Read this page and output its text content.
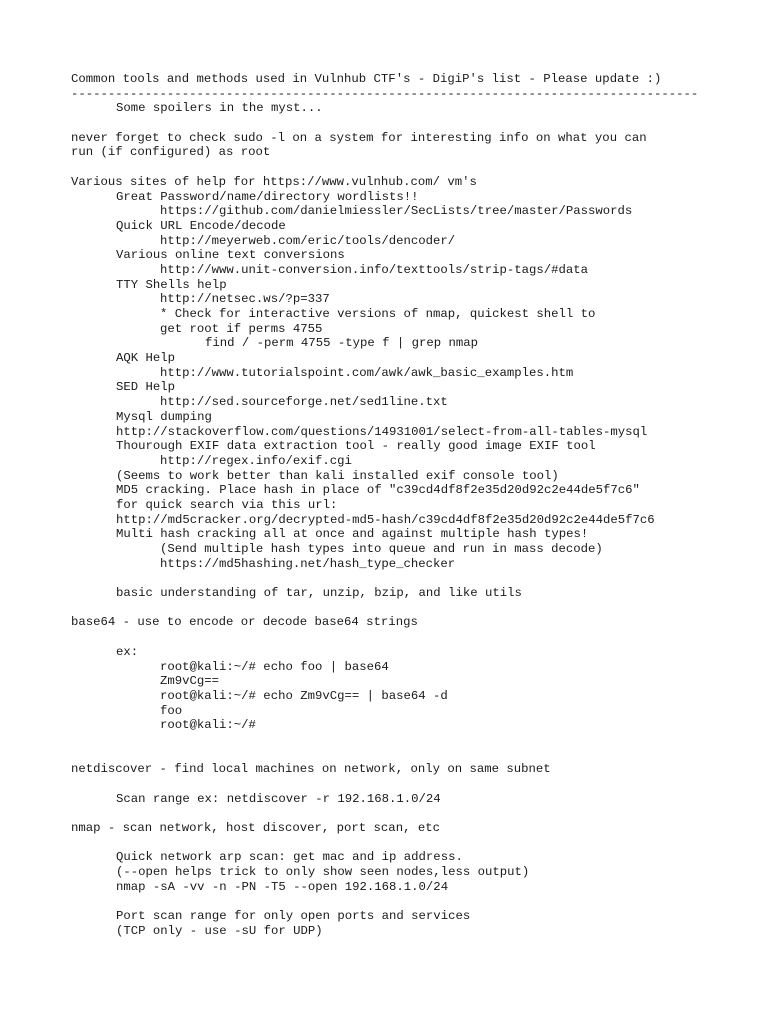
Common tools and methods used in Vulnhub CTF's - DigiP's list - Please update :)
-------------------------------------------------------------------------------------
Some spoilers in the myst...
never forget to check sudo -l on a system for interesting info on what you can
run (if configured) as root
Various sites of help for https://www.vulnhub.com/ vm's
Great Password/name/directory wordlists!!
https://github.com/danielmiessler/SecLists/tree/master/Passwords
Quick URL Encode/decode
http://meyerweb.com/eric/tools/dencoder/
Various online text conversions
http://www.unit-conversion.info/texttools/strip-tags/#data
TTY Shells help
http://netsec.ws/?p=337
* Check for interactive versions of nmap, quickest shell to
get root if perms 4755
find / -perm 4755 -type f | grep nmap
AQK Help
http://www.tutorialspoint.com/awk/awk_basic_examples.htm
SED Help
http://sed.sourceforge.net/sed1line.txt
Mysql dumping
http://stackoverflow.com/questions/14931001/select-from-all-tables-mysql
Thourough EXIF data extraction tool - really good image EXIF tool
http://regex.info/exif.cgi
(Seems to work better than kali installed exif console tool)
MD5 cracking. Place hash in place of "c39cd4df8f2e35d20d92c2e44de5f7c6"
for quick search via this url:
http://md5cracker.org/decrypted-md5-hash/c39cd4df8f2e35d20d92c2e44de5f7c6
Multi hash cracking all at once and against multiple hash types!
(Send multiple hash types into queue and run in mass decode)
https://md5hashing.net/hash_type_checker
basic understanding of tar, unzip, bzip, and like utils
base64 - use to encode or decode base64 strings
ex:
root@kali:~/# echo foo | base64
Zm9vCg==
root@kali:~/# echo Zm9vCg== | base64 -d
foo
root@kali:~/#
netdiscover - find local machines on network, only on same subnet
Scan range ex: netdiscover -r 192.168.1.0/24
nmap - scan network, host discover, port scan, etc
Quick network arp scan: get mac and ip address.
(--open helps trick to only show seen nodes,less output)
nmap -sA -vv -n -PN -T5 --open 192.168.1.0/24
Port scan range for only open ports and services
(TCP only - use -sU for UDP)
